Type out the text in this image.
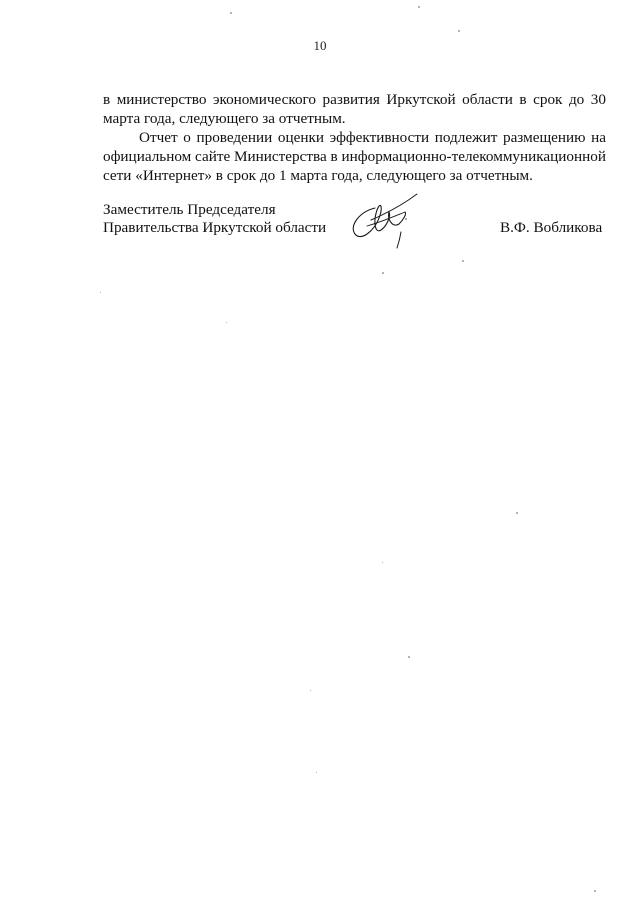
10

в министерство экономического развития Иркутской области в срок до 30 марта года, следующего за отчетным.

Отчет о проведении оценки эффективности подлежит размещению на официальном сайте Министерства в информационно-телекоммуникационной сети «Интернет» в срок до 1 марта года, следующего за отчетным.

Заместитель Председателя
Правительства Иркутской области	В.Ф. Вобликова
